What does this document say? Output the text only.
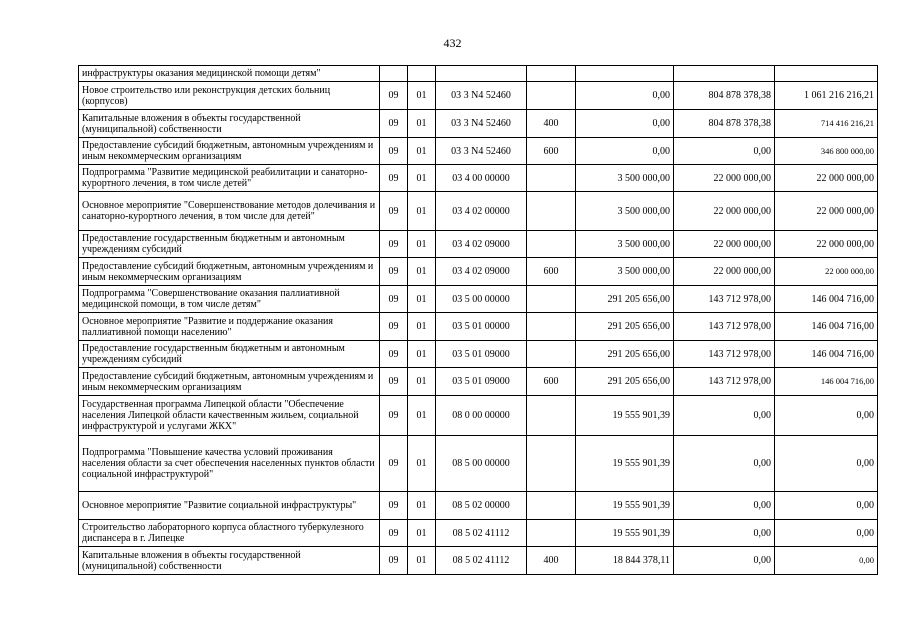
432
инфраструктуры оказания медицинской помощи детям"							
Новое строительство или реконструкция детских больниц (корпусов)	09	01	03 3 N4 52460		0,00	804 878 378,38	1 061 216 216,21
Капитальные вложения в объекты государственной (муниципальной) собственности	09	01	03 3 N4 52460	400	0,00	804 878 378,38	714 416 216,21
Предоставление субсидий бюджетным, автономным учреждениям и иным некоммерческим организациям	09	01	03 3 N4 52460	600	0,00	0,00	346 800 000,00
Подпрограмма "Развитие медицинской реабилитации и санаторно-курортного лечения, в том числе детей"	09	01	03 4 00 00000		3 500 000,00	22 000 000,00	22 000 000,00
Основное мероприятие "Совершенствование методов долечивания и санаторно-курортного лечения, в том числе для детей"	09	01	03 4 02 00000		3 500 000,00	22 000 000,00	22 000 000,00
Предоставление государственным бюджетным и автономным учреждениям субсидий	09	01	03 4 02 09000		3 500 000,00	22 000 000,00	22 000 000,00
Предоставление субсидий бюджетным, автономным учреждениям и иным некоммерческим организациям	09	01	03 4 02 09000	600	3 500 000,00	22 000 000,00	22 000 000,00
Подпрограмма "Совершенствование оказания паллиативной медицинской помощи, в том числе детям"	09	01	03 5 00 00000		291 205 656,00	143 712 978,00	146 004 716,00
Основное мероприятие "Развитие и поддержание оказания паллиативной помощи населению"	09	01	03 5 01 00000		291 205 656,00	143 712 978,00	146 004 716,00
Предоставление государственным бюджетным и автономным учреждениям субсидий	09	01	03 5 01 09000		291 205 656,00	143 712 978,00	146 004 716,00
Предоставление субсидий бюджетным, автономным учреждениям и иным некоммерческим организациям	09	01	03 5 01 09000	600	291 205 656,00	143 712 978,00	146 004 716,00
Государственная программа Липецкой области "Обеспечение населения Липецкой области качественным жильем, социальной инфраструктурой и услугами ЖКХ"	09	01	08 0 00 00000		19 555 901,39	0,00	0,00
Подпрограмма "Повышение качества условий проживания населения области за счет обеспечения населенных пунктов области социальной инфраструктурой"	09	01	08 5 00 00000		19 555 901,39	0,00	0,00
Основное мероприятие "Развитие социальной инфраструктуры"	09	01	08 5 02 00000		19 555 901,39	0,00	0,00
Строительство лабораторного корпуса областного туберкулезного диспансера в г. Липецке	09	01	08 5 02 41112		19 555 901,39	0,00	0,00
Капитальные вложения в объекты государственной (муниципальной) собственности	09	01	08 5 02 41112	400	18 844 378,11	0,00	0,00
